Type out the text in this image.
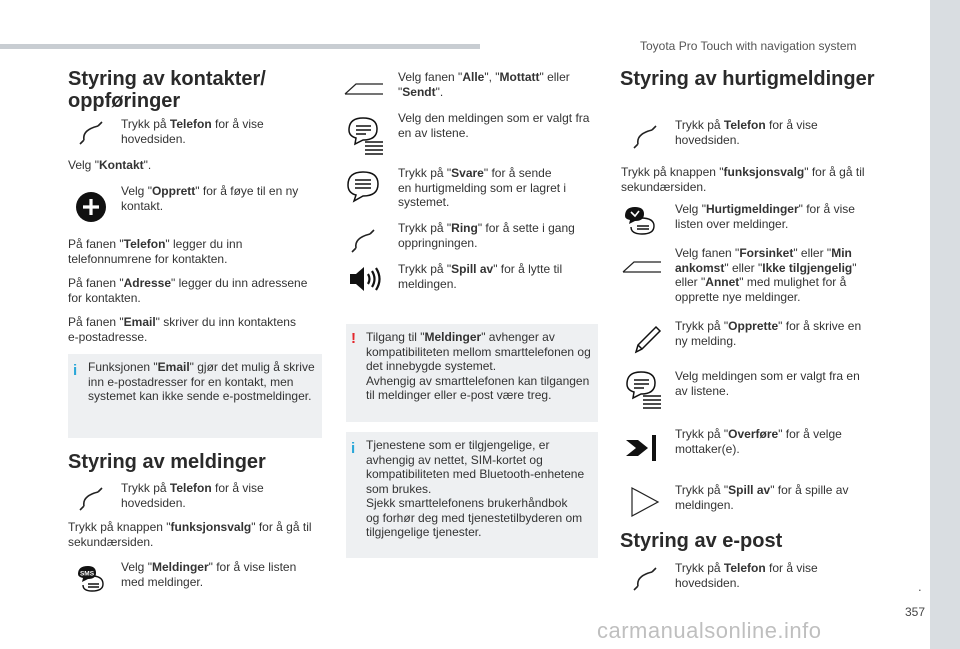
Toyota Pro Touch with navigation system
.
357
carmanualsonline.info
Styring av kontakter/
oppføringer
Trykk på Telefon for å vise
hovedsiden.
Velg "Kontakt".
Velg "Opprett" for å føye til en ny
kontakt.
På fanen "Telefon" legger du inn
telefonnumrene for kontakten.
På fanen "Adresse" legger du inn adressene
for kontakten.
På fanen "Email" skriver du inn kontaktens
e-postadresse.
i Funksjonen "Email" gjør det mulig å skrive
inn e-postadresser for en kontakt, men
systemet kan ikke sende e-postmeldinger.
Styring av meldinger
Trykk på Telefon for å vise
hovedsiden.
Trykk på knappen "funksjonsvalg" for å gå til
sekundærsiden.
SMS Velg "Meldinger" for å vise listen
med meldinger.
Velg fanen "Alle", "Mottatt" eller
"Sendt".
Velg den meldingen som er valgt fra
en av listene.
Trykk på "Svare" for å sende
en hurtigmelding som er lagret i
systemet.
Trykk på "Ring" for å sette i gang
oppringningen.
Trykk på "Spill av" for å lytte til
meldingen.
! Tilgang til "Meldinger" avhenger av
kompatibiliteten mellom smarttelefonen og
det innebygde systemet.
Avhengig av smarttelefonen kan tilgangen
til meldinger eller e-post være treg.
i Tjenestene som er tilgjengelige, er
avhengig av nettet, SIM-kortet og
kompatibiliteten med Bluetooth-enhetene
som brukes.
Sjekk smarttelefonens brukerhåndbok
og forhør deg med tjenestetilbyderen om
tilgjengelige tjenester.
Styring av hurtigmeldinger
Trykk på Telefon for å vise
hovedsiden.
Trykk på knappen "funksjonsvalg" for å gå til
sekundærsiden.
Velg "Hurtigmeldinger" for å vise
listen over meldinger.
Velg fanen "Forsinket" eller "Min
ankomst" eller "Ikke tilgjengelig"
eller "Annet" med mulighet for å
opprette nye meldinger.
Trykk på "Opprette" for å skrive en
ny melding.
Velg meldingen som er valgt fra en
av listene.
Trykk på "Overføre" for å velge
mottaker(e).
Trykk på "Spill av" for å spille av
meldingen.
Styring av e-post
Trykk på Telefon for å vise
hovedsiden.
